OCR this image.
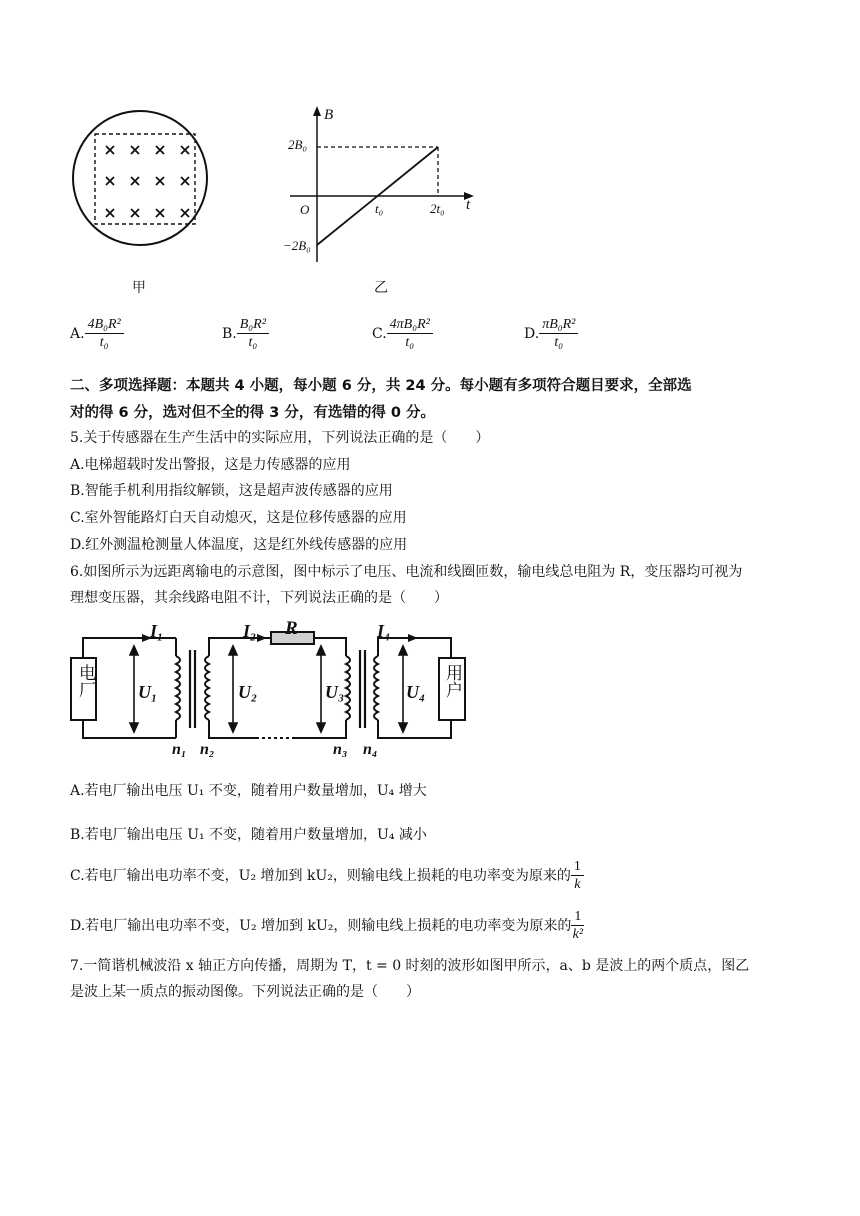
甲
B
t
O
2B₀
−2B₀
t₀	2t₀
乙
A. $\frac{\text{4B₀R²}}{\text{t₀}}$	B. $\frac{\text{B₀R²}}{\text{t₀}}$	C. $\frac{\text{4πB₀R²}}{\text{t₀}}$	D. $\frac{\text{πB₀R²}}{\text{t₀}}$
二、多项选择题：本题共 4 小题，每小题 6 分，共 24 分。每小题有多项符合题目要求，全部选
对的得 6 分，选对但不全的得 3 分，有选错的得 0 分。
5.关于传感器在生产生活中的实际应用，下列说法正确的是（　　）
A.电梯超载时发出警报，这是力传感器的应用
B.智能手机利用指纹解锁，这是超声波传感器的应用
C.室外智能路灯白天自动熄灭，这是位移传感器的应用
D.红外测温枪测量人体温度，这是红外线传感器的应用
6.如图所示为远距离输电的示意图，图中标示了电压、电流和线圈匝数，输电线总电阻为 R，变压器均可视为
理想变压器，其余线路电阻不计，下列说法正确的是（　　）
电厂	用户
I₁	I₂ R	I₄
U₁	U₂	U₃	U₄
n₁ n₂	n₃ n₄
A.若电厂输出电压 U₁ 不变，随着用户数量增加，U₄ 增大
B.若电厂输出电压 U₁ 不变，随着用户数量增加，U₄ 减小
C.若电厂输出电功率不变，U₂ 增加到 kU₂，则输电线上损耗的电功率变为原来的 $\frac{1}{k}$
D.若电厂输出电功率不变，U₂ 增加到 kU₂，则输电线上损耗的电功率变为原来的 $\frac{1}{\text{k²}}$
7.一简谐机械波沿 x 轴正方向传播，周期为 T，t = 0 时刻的波形如图甲所示，a、b 是波上的两个质点，图乙
是波上某一质点的振动图像。下列说法正确的是（　　）
